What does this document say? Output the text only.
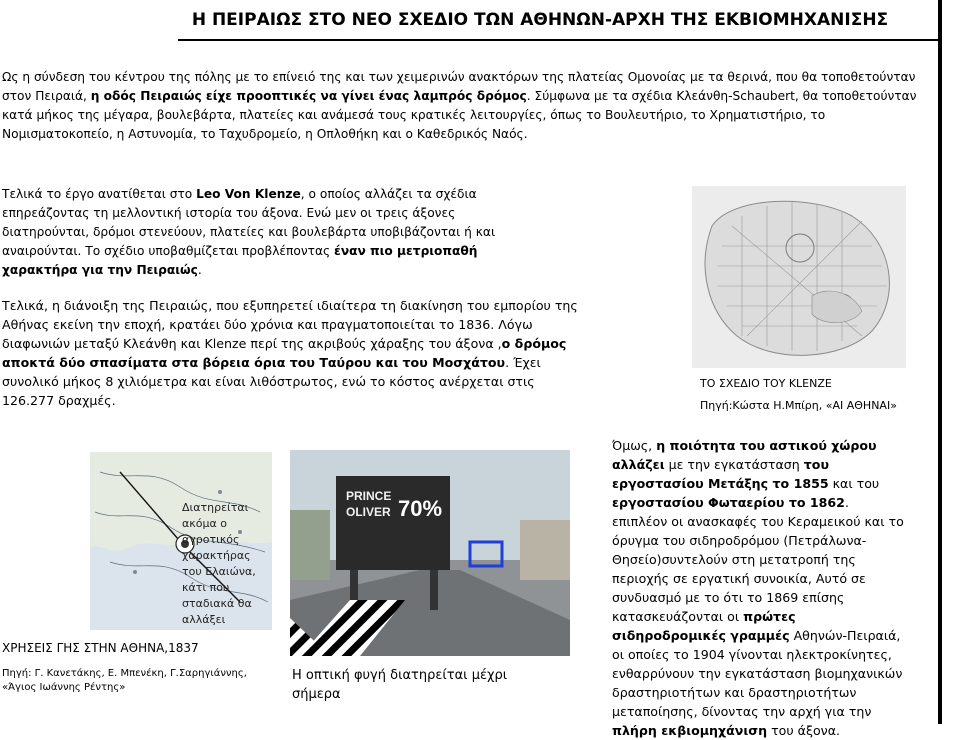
Η ΠΕΙΡΑΙΩΣ ΣΤΟ ΝΕΟ ΣΧΕΔΙΟ ΤΩΝ ΑΘΗΝΩΝ-ΑΡΧΗ ΤΗΣ ΕΚΒΙΟΜΗΧΑΝΙΣΗΣ
Ως η σύνδεση του κέντρου της πόλης με το επίνειό της και των χειμερινών ανακτόρων της πλατείας Ομονοίας με τα θερινά, που θα τοποθετούνταν στον Πειραιά, η οδός Πειραιώς είχε προοπτικές να γίνει ένας λαμπρός δρόμος. Σύμφωνα με τα σχέδια Κλεάνθη-Schaubert, θα τοποθετούνταν κατά μήκος της μέγαρα, βουλεβάρτα, πλατείες και ανάμεσά τους κρατικές λειτουργίες, όπως το Βουλευτήριο, το Χρηματιστήριο, το Νομισματοκοπείο, η Αστυνομία, το Ταχυδρομείο, η Οπλοθήκη και ο Καθεδρικός Ναός.
Τελικά το έργο ανατίθεται στο Leo Von Klenze, ο οποίος αλλάζει τα σχέδια επηρεάζοντας τη μελλοντική ιστορία του άξονα. Ενώ μεν οι τρεις άξονες διατηρούνται, δρόμοι στενεύουν, πλατείες και βουλεβάρτα υποβιβάζονται ή και αναιρούνται. Το σχέδιο υποβαθμίζεται προβλέποντας έναν πιο μετριοπαθή χαρακτήρα για την Πειραιώς.
ΤΟ ΣΧΕΔΙΟ ΤΟΥ KLENZE
Πηγή:Κώστα Η.Μπίρη, «ΑΙ ΑΘΗΝΑΙ»
Τελικά, η διάνοιξη της Πειραιώς, που εξυπηρετεί ιδιαίτερα τη διακίνηση του εμπορίου της Αθήνας εκείνη την εποχή, κρατάει δύο χρόνια και πραγματοποιείται το 1836. Λόγω διαφωνιών μεταξύ Κλεάνθη και Klenze περί της ακριβούς χάραξης του άξονα ,ο δρόμος αποκτά δύο σπασίματα στα βόρεια όρια του Ταύρου και του Μοσχάτου. Έχει συνολικό μήκος 8 χιλιόμετρα και είναι λιθόστρωτος, ενώ το κόστος ανέρχεται στις 126.277 δραχμές.
Διατηρείται ακόμα ο αγροτικός χαρακτήρας του Ελαιώνα, κάτι που σταδιακά θα αλλάξει
ΧΡΗΣΕΙΣ ΓΗΣ ΣΤΗΝ ΑΘΗΝΑ,1837
Πηγή: Γ. Κανετάκης, Ε. Μπενέκη, Γ.Σαρηγιάννης, «Άγιος Ιωάννης Ρέντης»
PRINCE
OLIVER 70%
Η οπτική φυγή διατηρείται μέχρι σήμερα
Όμως, η ποιότητα του αστικού χώρου αλλάζει με την εγκατάσταση του εργοστασίου Μετάξης το 1855 και του εργοστασίου Φωταερίου το 1862. επιπλέον οι ανασκαφές του Κεραμεικού και το όρυγμα του σιδηροδρόμου (Πετράλωνα-Θησείο)συντελούν στη μετατροπή της περιοχής σε εργατική συνοικία, Αυτό σε συνδυασμό με το ότι το 1869 επίσης κατασκευάζονται οι πρώτες σιδηροδρομικές γραμμές Αθηνών-Πειραιά, οι οποίες το 1904 γίνονται ηλεκτροκίνητες, ενθαρρύνουν την εγκατάσταση βιομηχανικών δραστηριοτήτων και δραστηριοτήτων μεταποίησης, δίνοντας την αρχή για την πλήρη εκβιομηχάνιση του άξονα.
